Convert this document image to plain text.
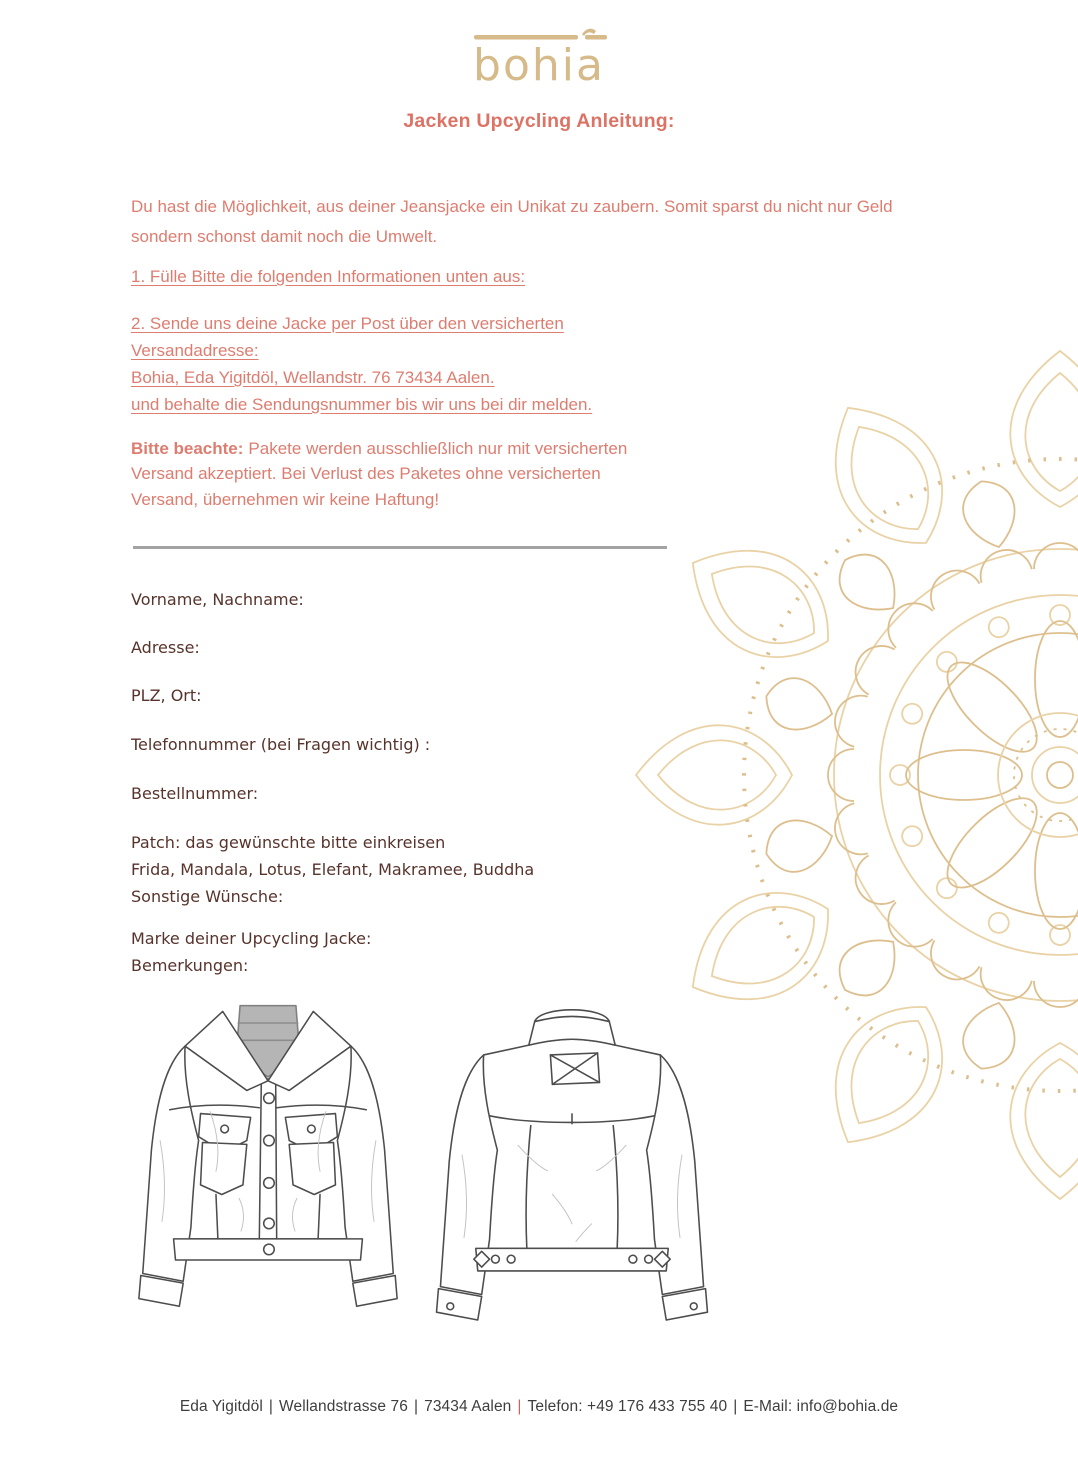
bohia
Jacken Upcycling Anleitung:
Du hast die Möglichkeit, aus deiner Jeansjacke ein Unikat zu zaubern. Somit sparst du nicht nur Geld
sondern schonst damit noch die Umwelt.
1. Fülle Bitte die folgenden Informationen unten aus:
2. Sende uns deine Jacke per Post über den versicherten
Versandadresse:
Bohia, Eda Yigitdöl, Wellandstr. 76 73434 Aalen.
und behalte die Sendungsnummer bis wir uns bei dir melden.
Bitte beachte: Pakete werden ausschließlich nur mit versicherten
Versand akzeptiert. Bei Verlust des Paketes ohne versicherten
Versand, übernehmen wir keine Haftung!
Vorname, Nachname:
Adresse:
PLZ, Ort:
Telefonnummer (bei Fragen wichtig) :
Bestellnummer:
Patch: das gewünschte bitte einkreisen
Frida, Mandala, Lotus, Elefant, Makramee, Buddha
Sonstige Wünsche:
Marke deiner Upcycling Jacke:
Bemerkungen:
Eda Yigitdöl | Wellandstrasse 76 | 73434 Aalen | Telefon: +49 176 433 755 40 | E-Mail: info@bohia.de
